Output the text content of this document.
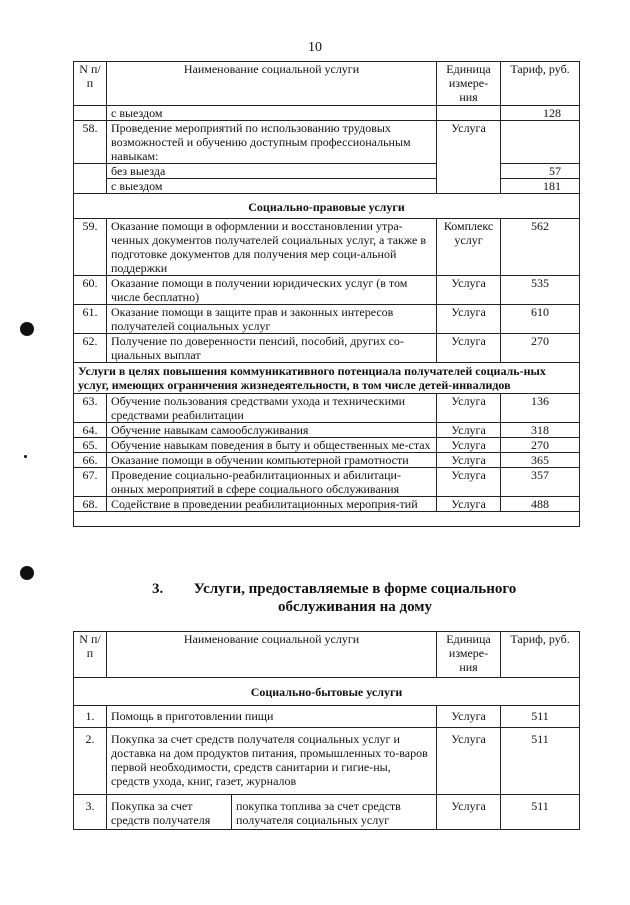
10
N п/п	Наименование социальной услуги	Единица измере-ния	Тариф, руб.
	с выездом		128
58.	Проведение мероприятий по использованию трудовых возможностей и обучению доступным профессиональным навыкам:	Услуга	
	без выезда		57
	с выездом		181
Социально-правовые услуги			
59.	Оказание помощи в оформлении и восстановлении утра-ченных документов получателей социальных услуг, а также в подготовке документов для получения мер соци-альной поддержки	Комплекс услуг	562
60.	Оказание помощи в получении юридических услуг (в том числе бесплатно)	Услуга	535
61.	Оказание помощи в защите прав и законных интересов получателей социальных услуг	Услуга	610
62.	Получение по доверенности пенсий, пособий, других со-циальных выплат	Услуга	270
Услуги в целях повышения коммуникативного потенциала получателей социаль-ных услуг, имеющих ограничения жизнедеятельности, в том числе детей-инвалидов			
63.	Обучение пользования средствами ухода и техническими средствами реабилитации	Услуга	136
64.	Обучение навыкам самообслуживания	Услуга	318
65.	Обучение навыкам поведения в быту и общественных ме-стах	Услуга	270
66.	Оказание помощи в обучении компьютерной грамотности	Услуга	365
67.	Проведение социально-реабилитационных и абилитаци-онных мероприятий в сфере социального обслуживания	Услуга	357
68.	Содействие в проведении реабилитационных мероприя-тий	Услуга	488

3.	Услуги, предоставляемые в форме социального обслуживания на дому
N п/п	Наименование социальной услуги		Единица измере-ния	Тариф, руб.
Социально-бытовые услуги				
1.	Помощь в приготовлении пищи		Услуга	511
2.	Покупка за счет средств получателя социальных услуг и доставка на дом продуктов питания, промышленных то-варов первой необходимости, средств санитарии и гигие-ны, средств ухода, книг, газет, журналов		Услуга	511
3.	Покупка за счет средств получателя	покупка топлива за счет средств получателя социальных услуг	Услуга	511
